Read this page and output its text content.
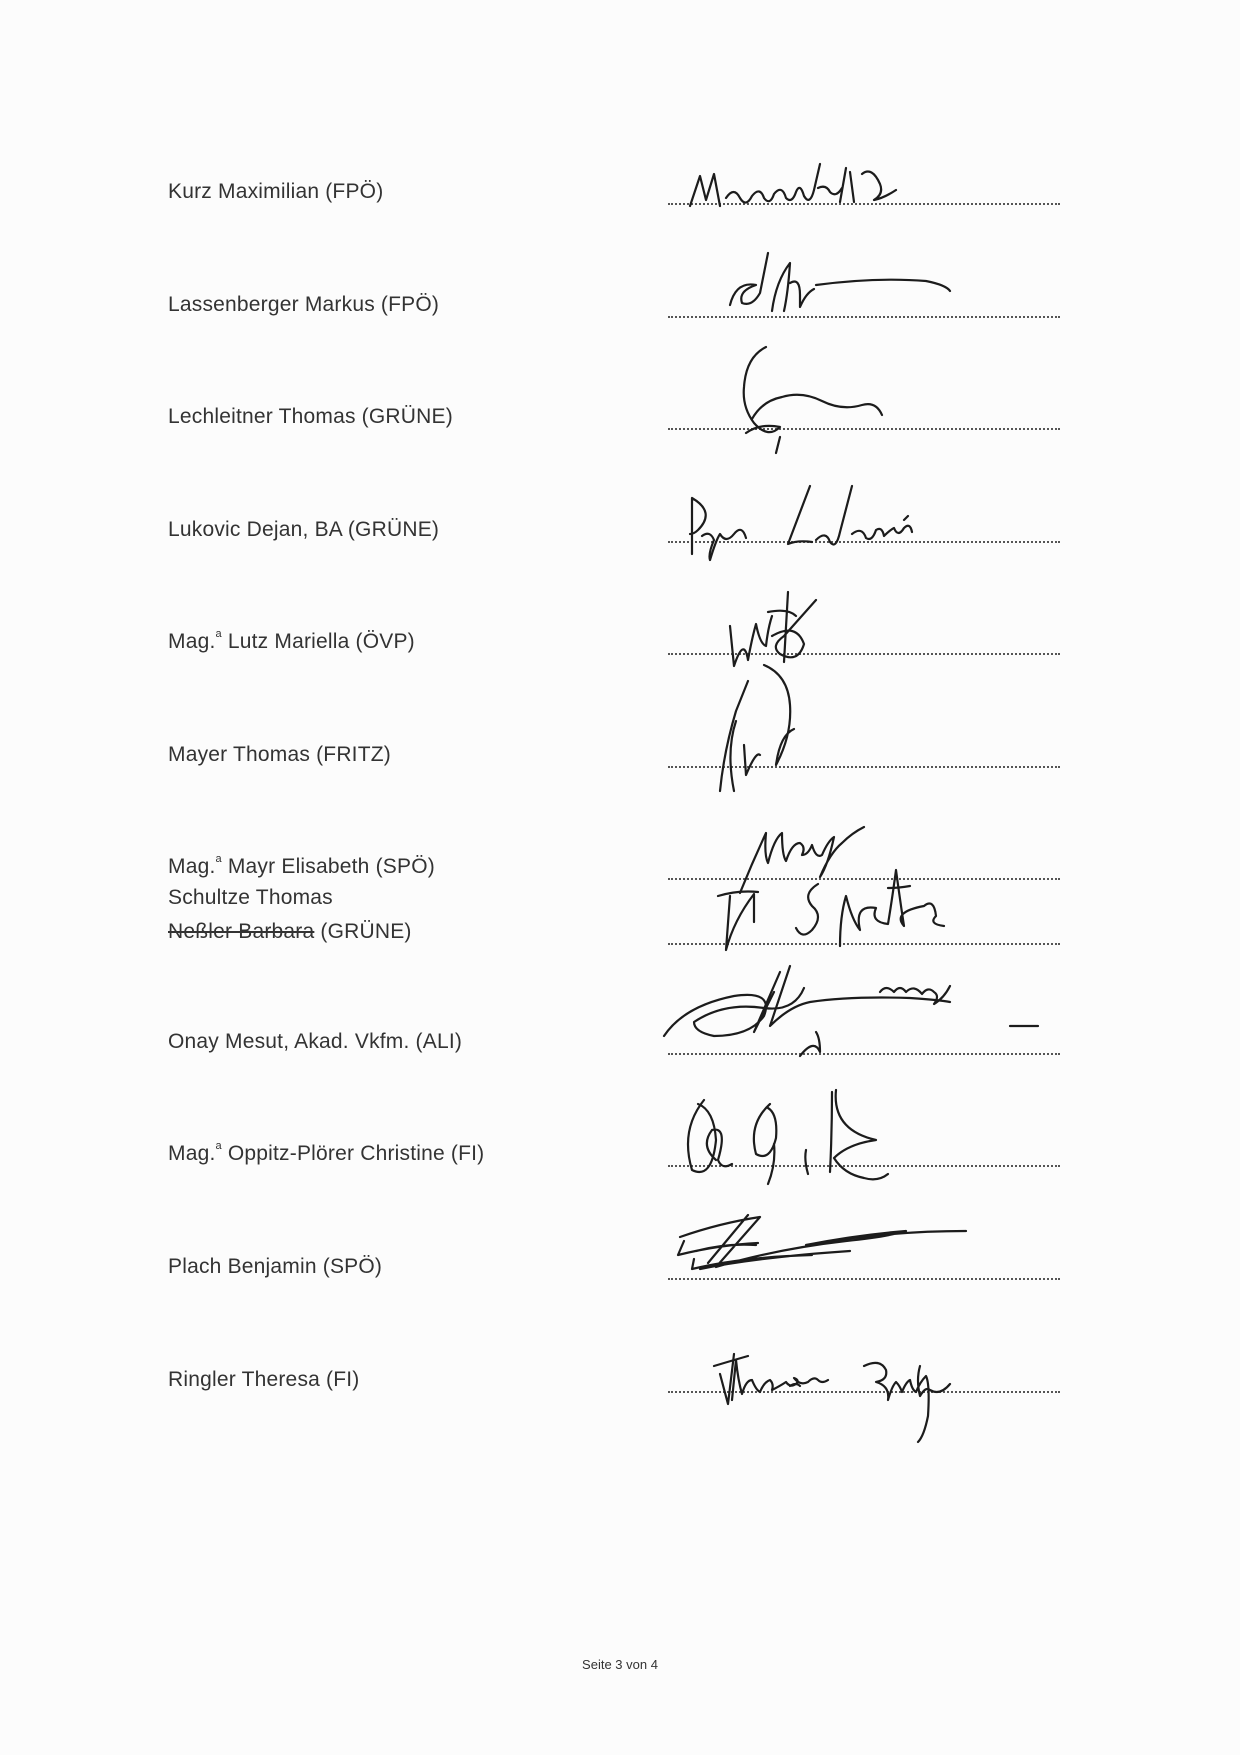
Kurz Maximilian (FPÖ)
Lassenberger Markus (FPÖ)
Lechleitner Thomas (GRÜNE)
Lukovic Dejan, BA (GRÜNE)
Mag.$^a$ Lutz Mariella (ÖVP)
Mayer Thomas (FRITZ)
Mag.$^a$ Mayr Elisabeth (SPÖ)
Schultze Thomas
Neßler Barbara (GRÜNE)
Onay Mesut, Akad. Vkfm. (ALI)
Mag.$^a$ Oppitz-Plörer Christine (FI)
Plach Benjamin (SPÖ)
Ringler Theresa (FI)
Seite 3 von 4
